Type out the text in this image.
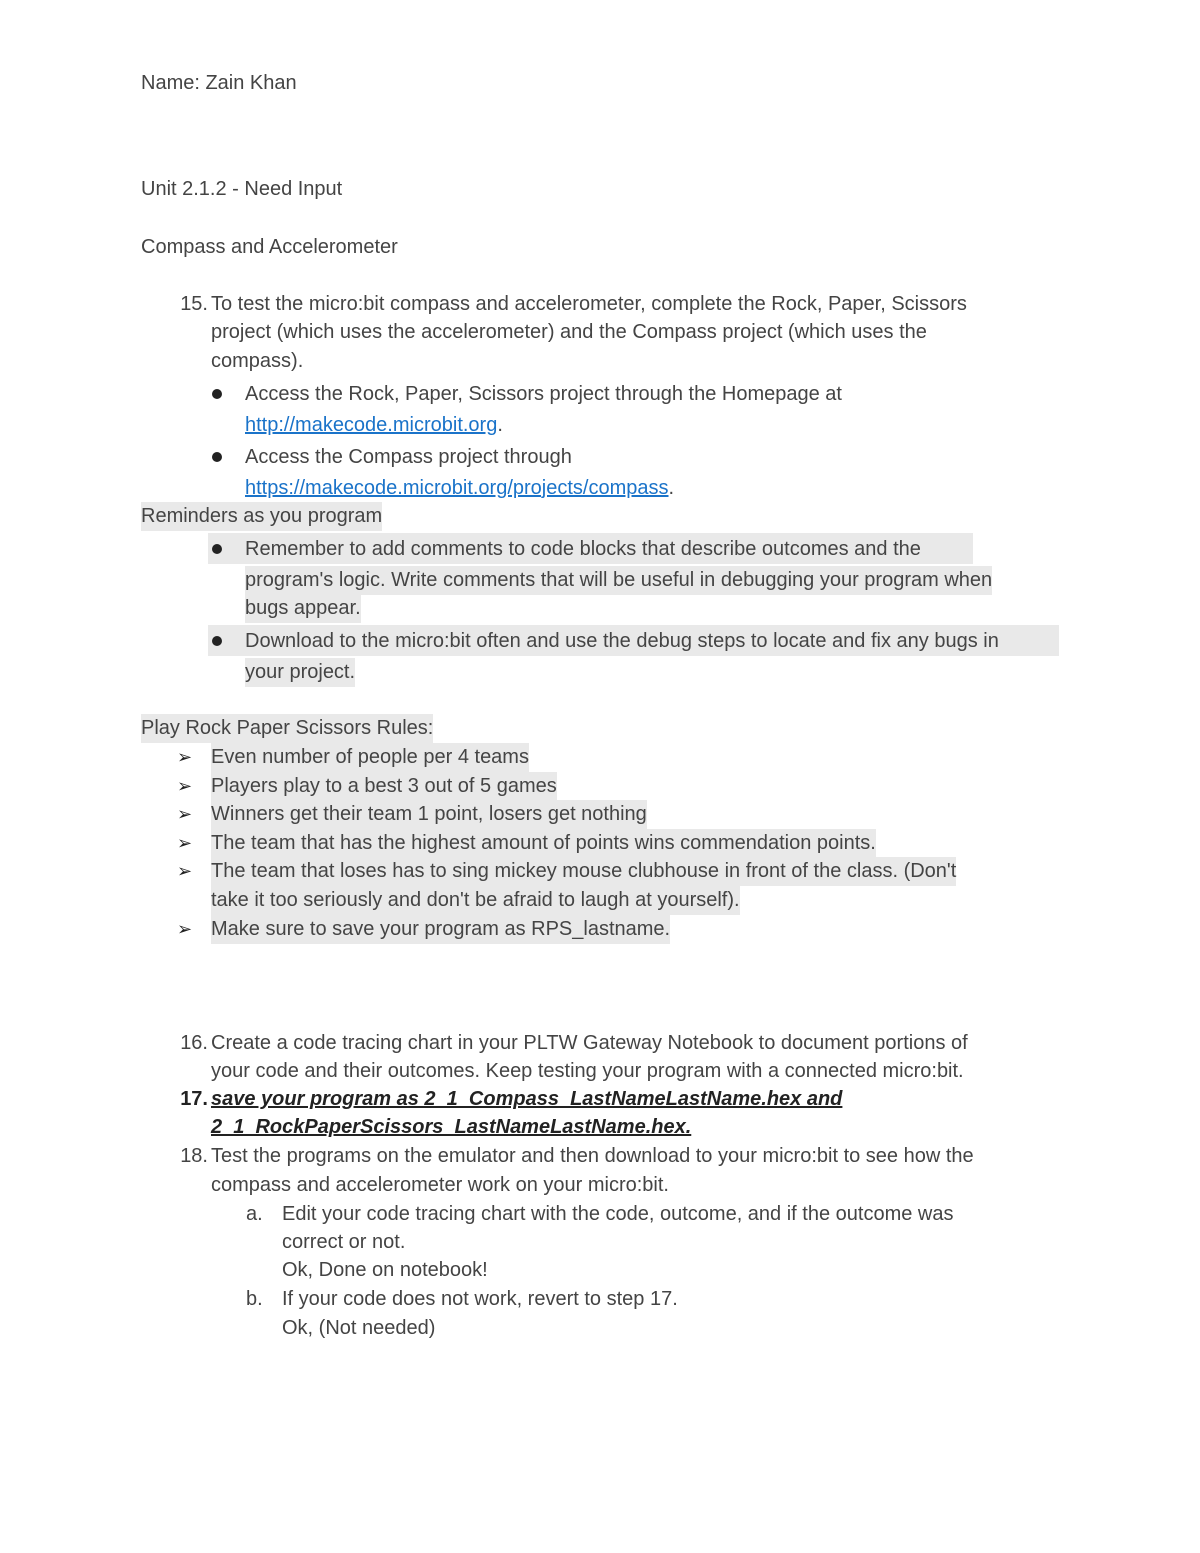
Name: Zain Khan
Unit 2.1.2 - Need Input
Compass and Accelerometer
15. To test the micro:bit compass and accelerometer, complete the Rock, Paper, Scissors
project (which uses the accelerometer) and the Compass project (which uses the
compass).
Access the Rock, Paper, Scissors project through the Homepage at
http://makecode.microbit.org.
Access the Compass project through
https://makecode.microbit.org/projects/compass.
Reminders as you program
Remember to add comments to code blocks that describe outcomes and the
program's logic. Write comments that will be useful in debugging your program when
bugs appear.
Download to the micro:bit often and use the debug steps to locate and fix any bugs in
your project.
Play Rock Paper Scissors Rules:
➢ Even number of people per 4 teams
➢ Players play to a best 3 out of 5 games
➢ Winners get their team 1 point, losers get nothing
➢ The team that has the highest amount of points wins commendation points.
➢ The team that loses has to sing mickey mouse clubhouse in front of the class. (Don't
take it too seriously and don't be afraid to laugh at yourself).
➢ Make sure to save your program as RPS_lastname.
16. Create a code tracing chart in your PLTW Gateway Notebook to document portions of
your code and their outcomes. Keep testing your program with a connected micro:bit.
17. save your program as 2_1_Compass_LastNameLastName.hex and
2_1_RockPaperScissors_LastNameLastName.hex.
18. Test the programs on the emulator and then download to your micro:bit to see how the
compass and accelerometer work on your micro:bit.
a. Edit your code tracing chart with the code, outcome, and if the outcome was
correct or not.
Ok, Done on notebook!
b. If your code does not work, revert to step 17.
Ok, (Not needed)
